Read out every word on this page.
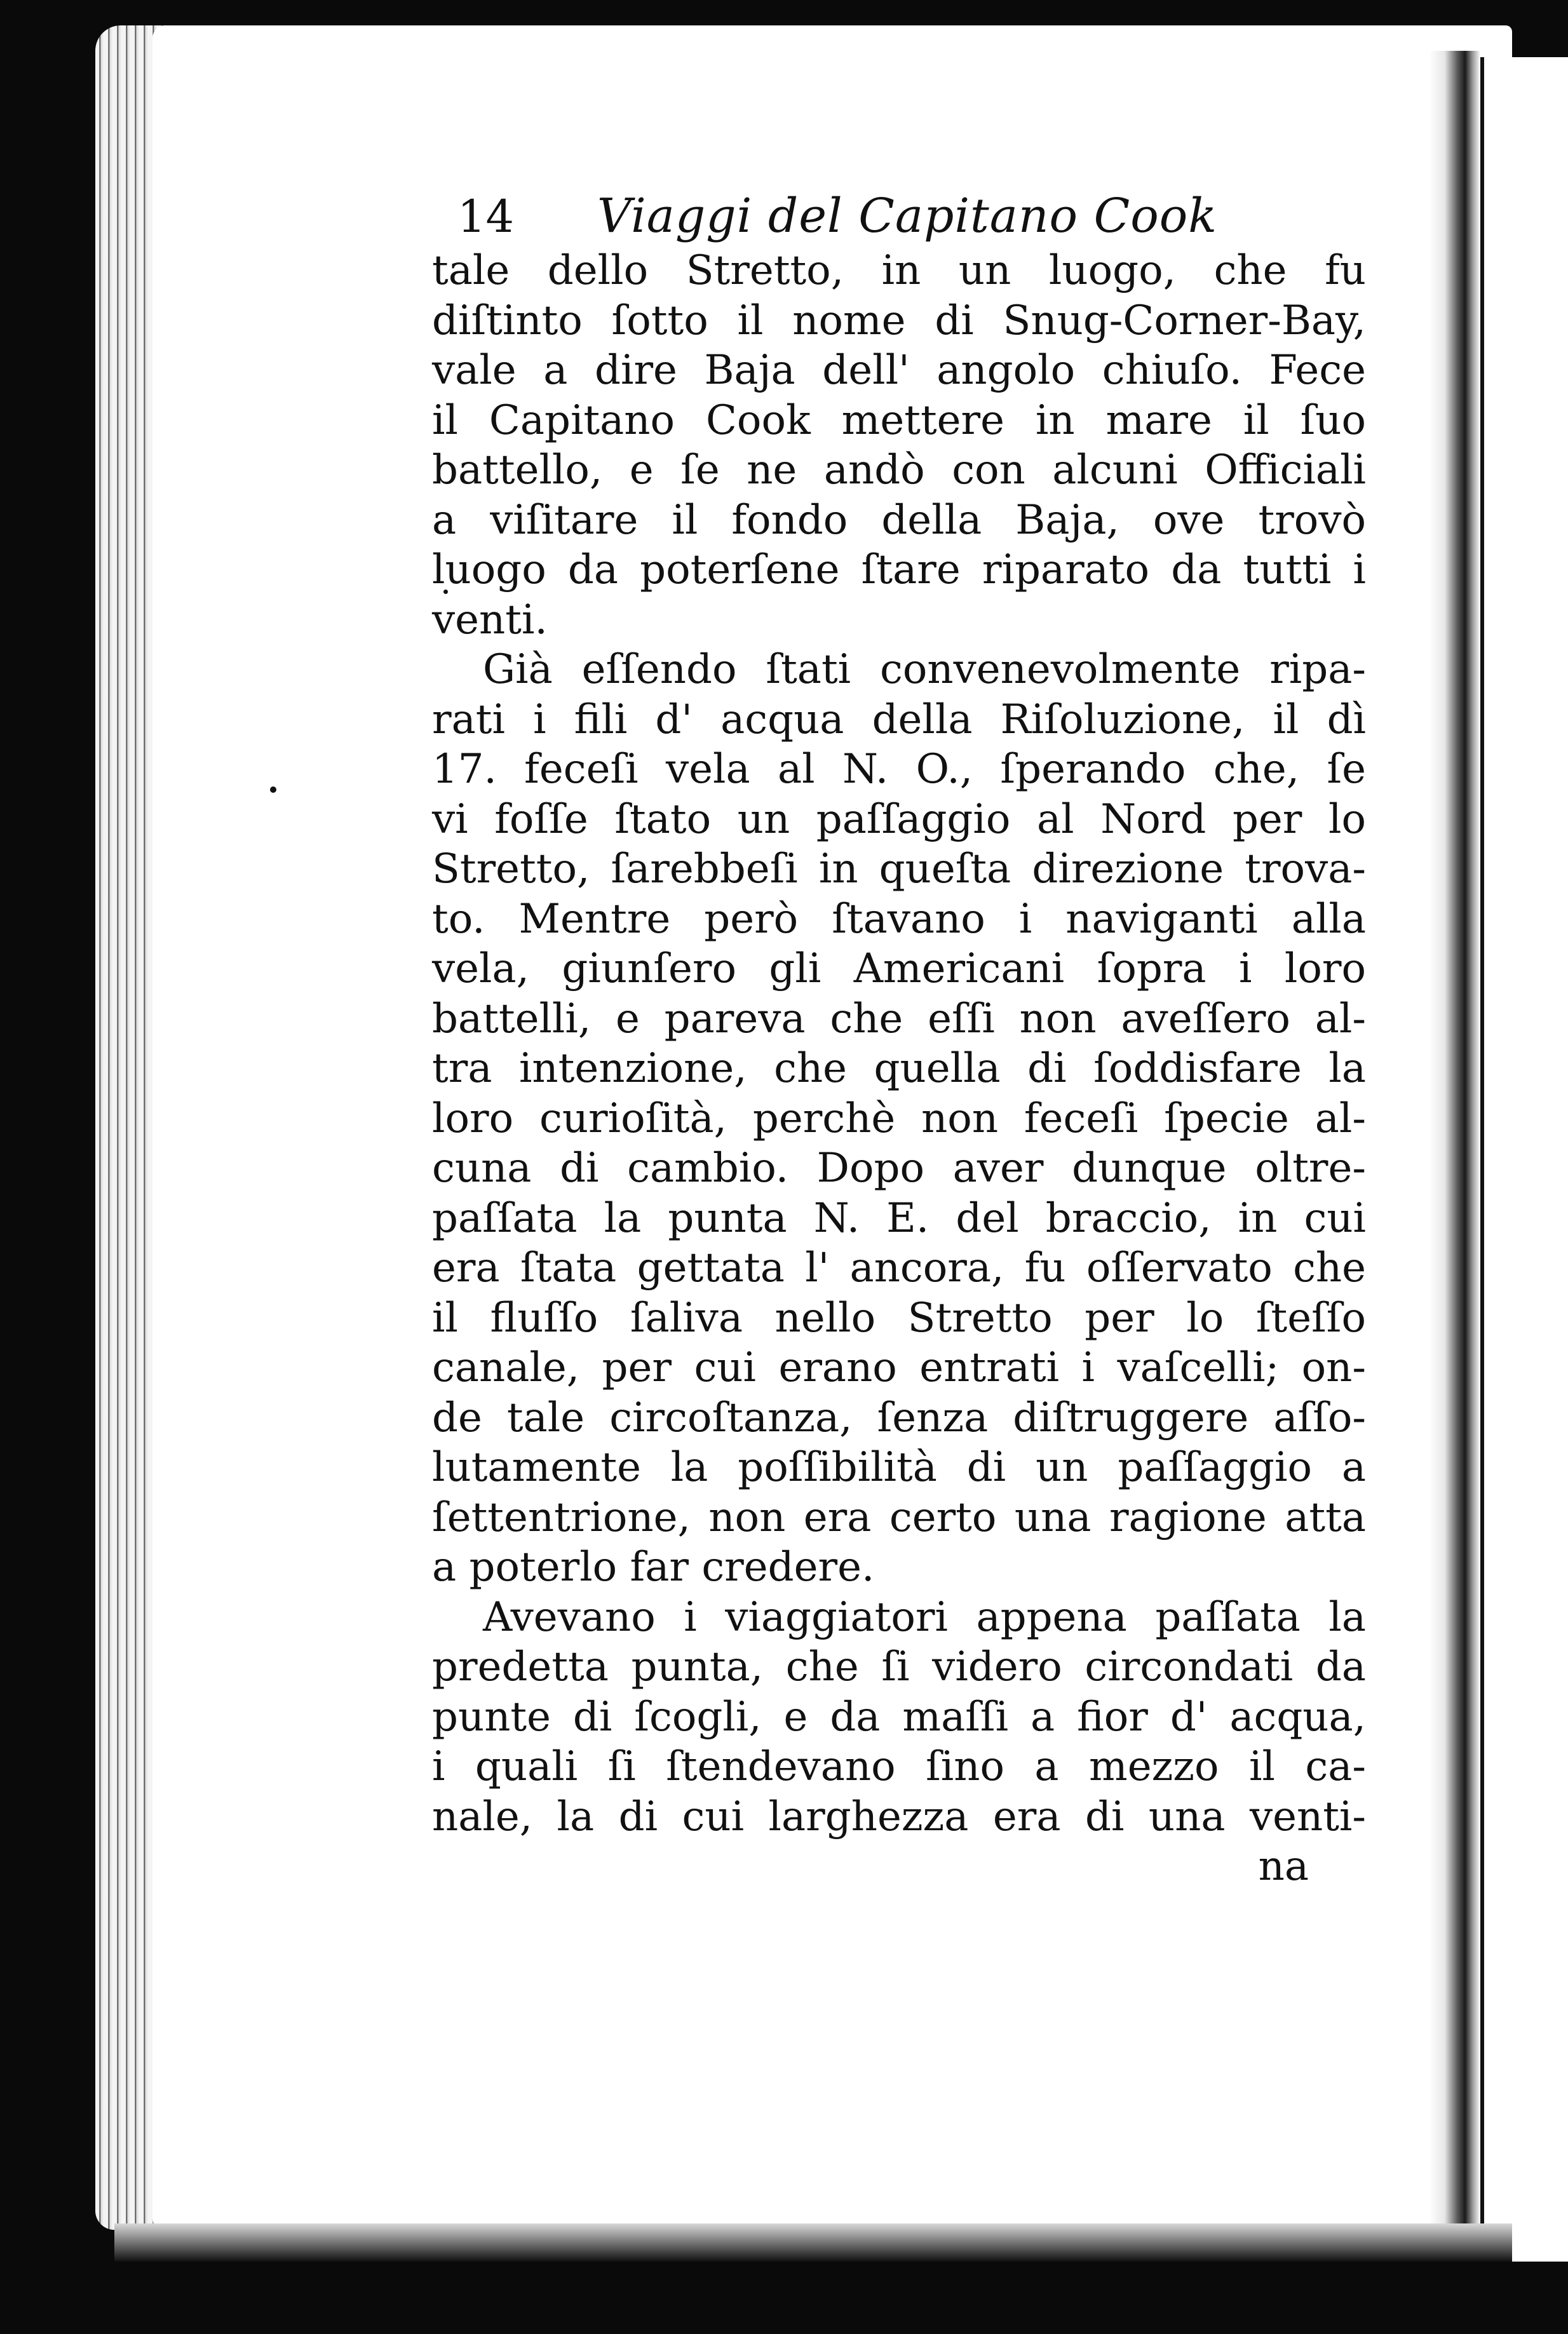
14	Viaggi del Capitano Cook
tale dello Stretto, in un luogo, che fu
diſtinto ſotto il nome di Snug-Corner-Bay,
vale a dire Baja dell' angolo chiuſo. Fece
il Capitano Cook mettere in mare il ſuo
battello, e ſe ne andò con alcuni Officiali
a viſitare il fondo della Baja, ove trovò
luogo da poterſene ſtare riparato da tutti i
venti.
Già eſſendo ſtati convenevolmente ripa-
rati i fili d' acqua della Riſoluzione, il dì
17. feceſi vela al N. O., ſperando che, ſe
vi foſſe ſtato un paſſaggio al Nord per lo
Stretto, ſarebbeſi in queſta direzione trova-
to. Mentre però ſtavano i naviganti alla
vela, giunſero gli Americani ſopra i loro
battelli, e pareva che eſſi non aveſſero al-
tra intenzione, che quella di ſoddisfare la
loro curioſità, perchè non feceſi ſpecie al-
cuna di cambio. Dopo aver dunque oltre-
paſſata la punta N. E. del braccio, in cui
era ſtata gettata l' ancora, fu oſſervato che
il fluſſo ſaliva nello Stretto per lo ſteſſo
canale, per cui erano entrati i vaſcelli; on-
de tale circoſtanza, ſenza diſtruggere aſſo-
lutamente la poſſibilità di un paſſaggio a
ſettentrione, non era certo una ragione atta
a poterlo far credere.
Avevano i viaggiatori appena paſſata la
predetta punta, che ſi videro circondati da
punte di ſcogli, e da maſſi a fior d' acqua,
i quali ſi ſtendevano ſino a mezzo il ca-
nale, la di cui larghezza era di una venti-
na
